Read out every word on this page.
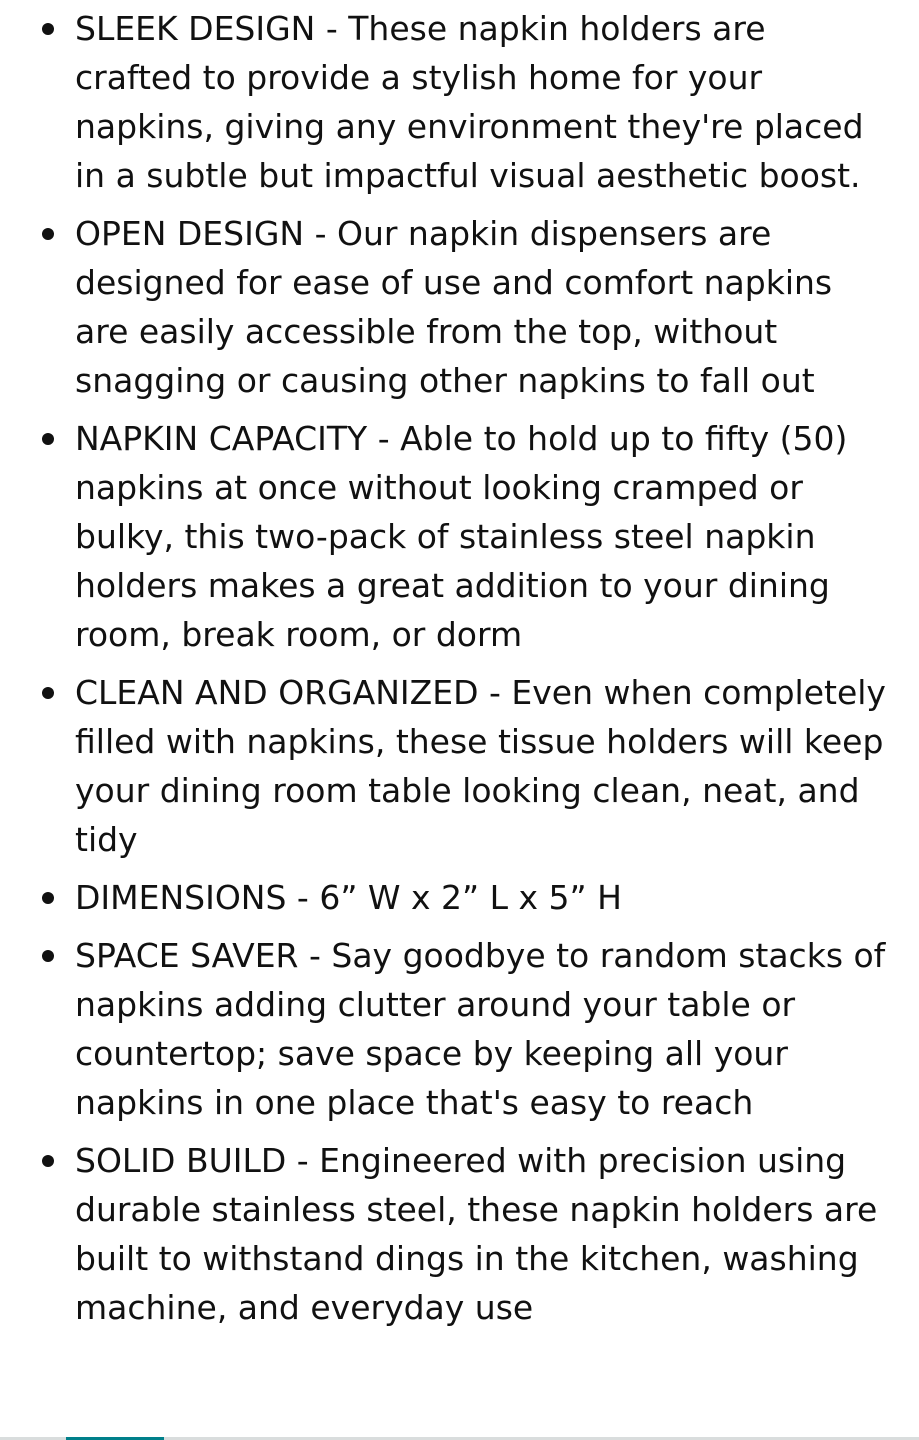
SLEEK DESIGN - These napkin holders are crafted to provide a stylish home for your napkins, giving any environment they're placed in a subtle but impactful visual aesthetic boost.
OPEN DESIGN - Our napkin dispensers are designed for ease of use and comfort napkins are easily accessible from the top, without snagging or causing other napkins to fall out
NAPKIN CAPACITY - Able to hold up to fifty (50) napkins at once without looking cramped or bulky, this two-pack of stainless steel napkin holders makes a great addition to your dining room, break room, or dorm
CLEAN AND ORGANIZED - Even when completely filled with napkins, these tissue holders will keep your dining room table looking clean, neat, and tidy
DIMENSIONS - 6” W x 2” L x 5” H
SPACE SAVER - Say goodbye to random stacks of napkins adding clutter around your table or countertop; save space by keeping all your napkins in one place that's easy to reach
SOLID BUILD - Engineered with precision using durable stainless steel, these napkin holders are built to withstand dings in the kitchen, washing machine, and everyday use
